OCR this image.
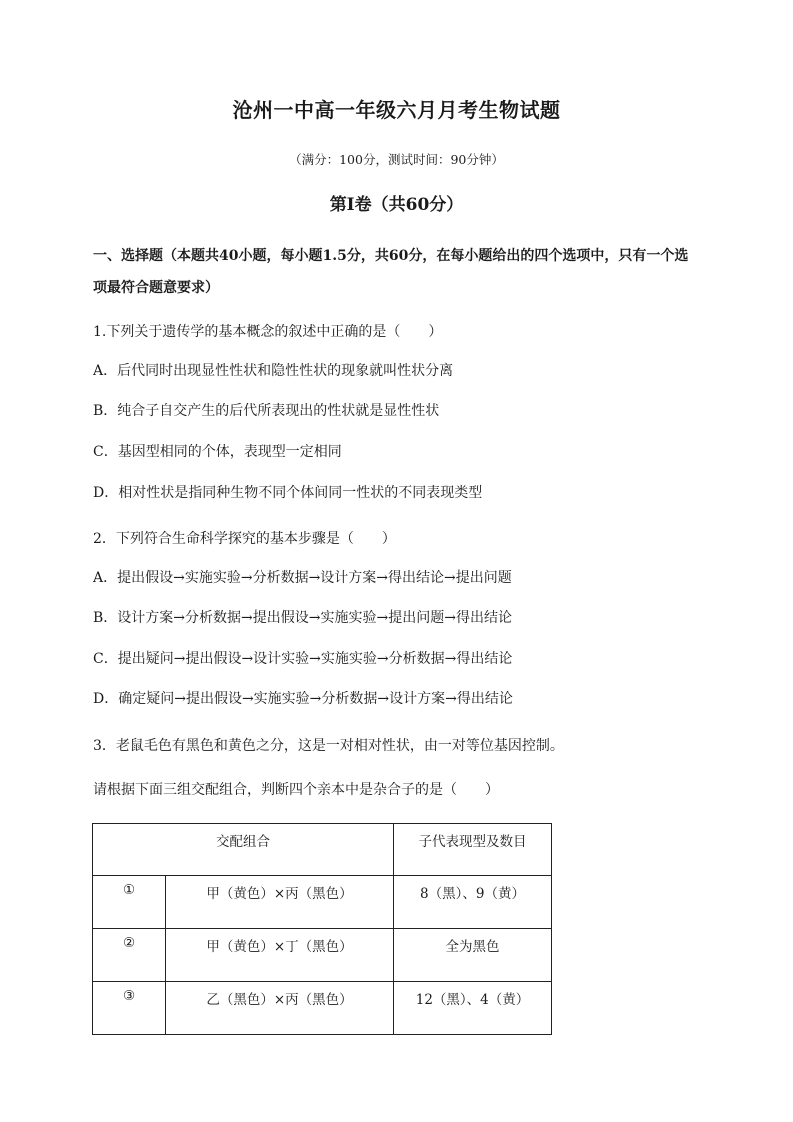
沧州一中高一年级六月月考生物试题
（满分：100分，测试时间：90分钟）
第Ⅰ卷（共60分）
一、选择题（本题共40小题，每小题1.5分，共60分，在每小题给出的四个选项中，只有一个选
项最符合题意要求）
1.下列关于遗传学的基本概念的叙述中正确的是（　　）
A．后代同时出现显性性状和隐性性状的现象就叫性状分离
B．纯合子自交产生的后代所表现出的性状就是显性性状
C．基因型相同的个体，表现型一定相同
D．相对性状是指同种生物不同个体间同一性状的不同表现类型
2．下列符合生命科学探究的基本步骤是（　　）
A．提出假设→实施实验→分析数据→设计方案→得出结论→提出问题
B．设计方案→分析数据→提出假设→实施实验→提出问题→得出结论
C．提出疑问→提出假设→设计实验→实施实验→分析数据→得出结论
D．确定疑问→提出假设→实施实验→分析数据→设计方案→得出结论
3．老鼠毛色有黑色和黄色之分，这是一对相对性状，由一对等位基因控制。
请根据下面三组交配组合，判断四个亲本中是杂合子的是（　　）
交配组合		子代表现型及数目
①	甲（黄色）×丙（黑色）	8（黑）、9（黄）
②	甲（黄色）×丁（黑色）	全为黑色
③	乙（黑色）×丙（黑色）	12（黑）、4（黄）
